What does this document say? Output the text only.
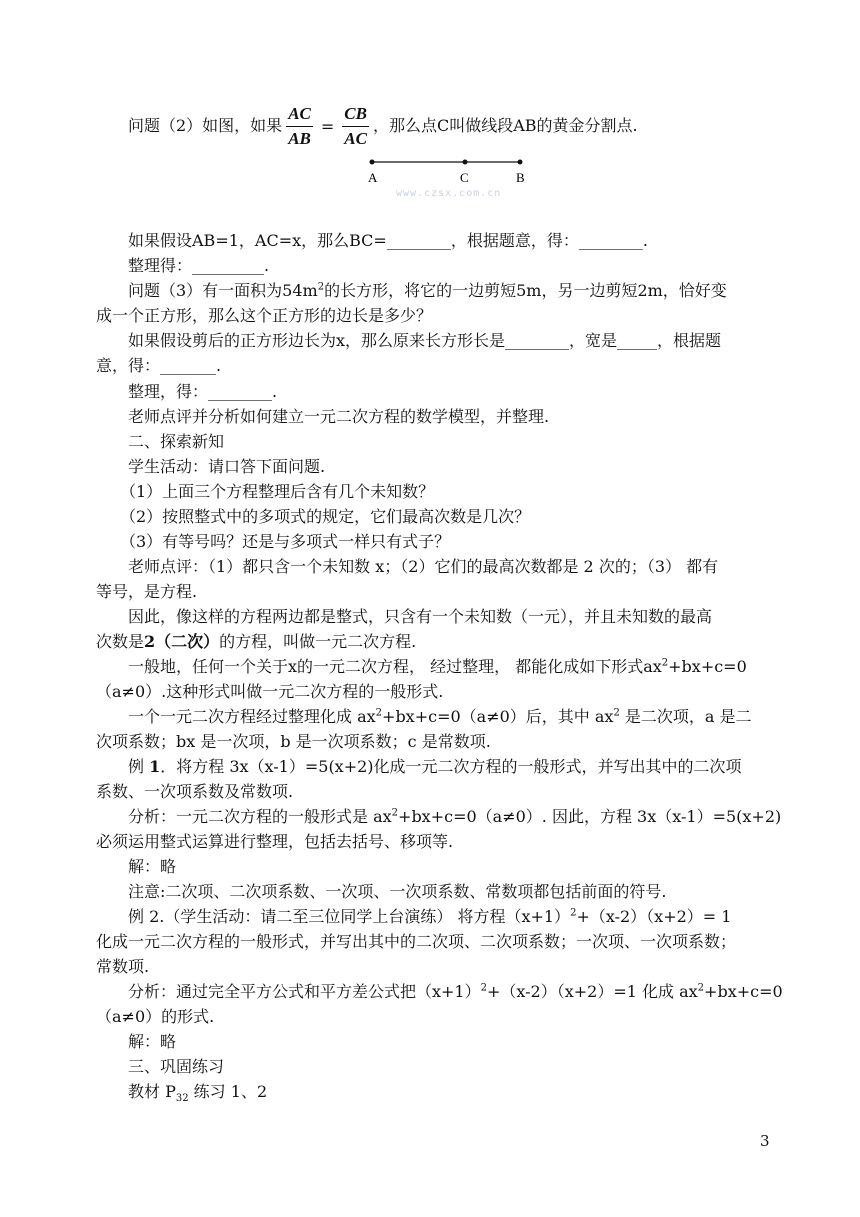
问题（2）如图，如果 $\frac{AC}{AB} = \frac{CB}{AC}$ ，那么点C叫做线段AB的黄金分割点.
A	C	B
www.czsx.com.cn
如果假设AB=1，AC=x，那么BC=________，根据题意，得：________.
整理得：_________.
问题（3）有一面积为$54m^2$的长方形，将它的一边剪短5m，另一边剪短2m，恰好变
成一个正方形，那么这个正方形的边长是多少？
如果假设剪后的正方形边长为x，那么原来长方形长是________，宽是_____，根据题
意，得：_______.
整理，得：________.
老师点评并分析如何建立一元二次方程的数学模型，并整理.
二、探索新知
学生活动：请口答下面问题.
（1）上面三个方程整理后含有几个未知数？
（2）按照整式中的多项式的规定，它们最高次数是几次？
（3）有等号吗？还是与多项式一样只有式子？
老师点评：（1）都只含一个未知数 x；（2）它们的最高次数都是 2 次的；（3） 都有
等号，是方程.
因此，像这样的方程两边都是整式，只含有一个未知数（一元），并且未知数的最高
次数是2（二次）的方程，叫做一元二次方程.
一般地，任何一个关于x的一元二次方程， 经过整理， 都能化成如下形式$ax^2+bx+c=0$
（a≠0）.这种形式叫做一元二次方程的一般形式.
一个一元二次方程经过整理化成 $ax^2+bx+c=0(a\ne 0)$后，其中 $ax^2$ 是二次项，a 是二
次项系数；bx 是一次项，b 是一次项系数；c 是常数项.
例 1．将方程 3x（x-1）=5(x+2)化成一元二次方程的一般形式，并写出其中的二次项
系数、一次项系数及常数项.
分析：一元二次方程的一般形式是 $ax^2+bx+c=0(a\ne 0)$. 因此，方程 3x（x-1）=5(x+2)
必须运用整式运算进行整理，包括去括号、移项等.
解：略
注意:二次项、二次项系数、一次项、一次项系数、常数项都包括前面的符号.
例 2.（学生活动：请二至三位同学上台演练） 将方程$(x+1)^2+(x-2)(x+2)= 1$
化成一元二次方程的一般形式，并写出其中的二次项、二次项系数；一次项、一次项系数；
常数项.
分析：通过完全平方公式和平方差公式把$(x+1)^2+(x-2)(x+2)=1$ 化成 $ax^2+bx+c=0$
（a≠0）的形式.
解：略
三、巩固练习
教材 $P_{32}$ 练习 1、2
3
